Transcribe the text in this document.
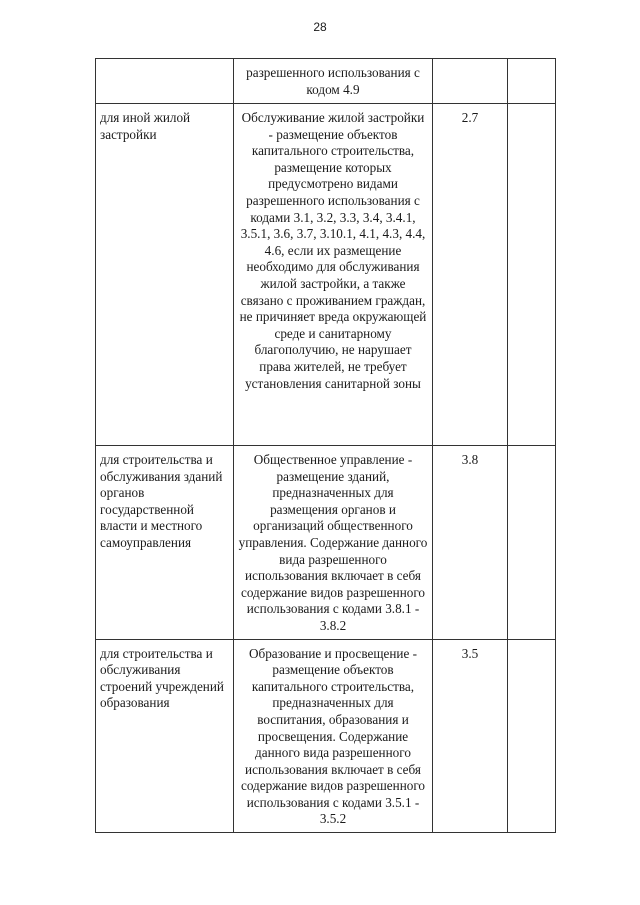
28
	разрешенного использования с кодом 4.9		
для иной жилой застройки	Обслуживание жилой застройки - размещение объектов капитального строительства, размещение которых предусмотрено видами разрешенного использования с кодами 3.1, 3.2, 3.3, 3.4, 3.4.1, 3.5.1, 3.6, 3.7, 3.10.1, 4.1, 4.3, 4.4, 4.6, если их размещение необходимо для обслуживания жилой застройки, а также связано с проживанием граждан, не причиняет вреда окружающей среде и санитарному благополучию, не нарушает права жителей, не требует установления санитарной зоны	2.7	
для строительства и обслуживания зданий органов государственной власти и местного самоуправления	Общественное управление - размещение зданий, предназначенных для размещения органов и организаций общественного управления. Содержание данного вида разрешенного использования включает в себя содержание видов разрешенного использования с кодами 3.8.1 - 3.8.2	3.8	
для строительства и обслуживания строений учреждений образования	Образование и просвещение - размещение объектов капитального строительства, предназначенных для воспитания, образования и просвещения. Содержание данного вида разрешенного использования включает в себя содержание видов разрешенного использования с кодами 3.5.1 - 3.5.2	3.5	
